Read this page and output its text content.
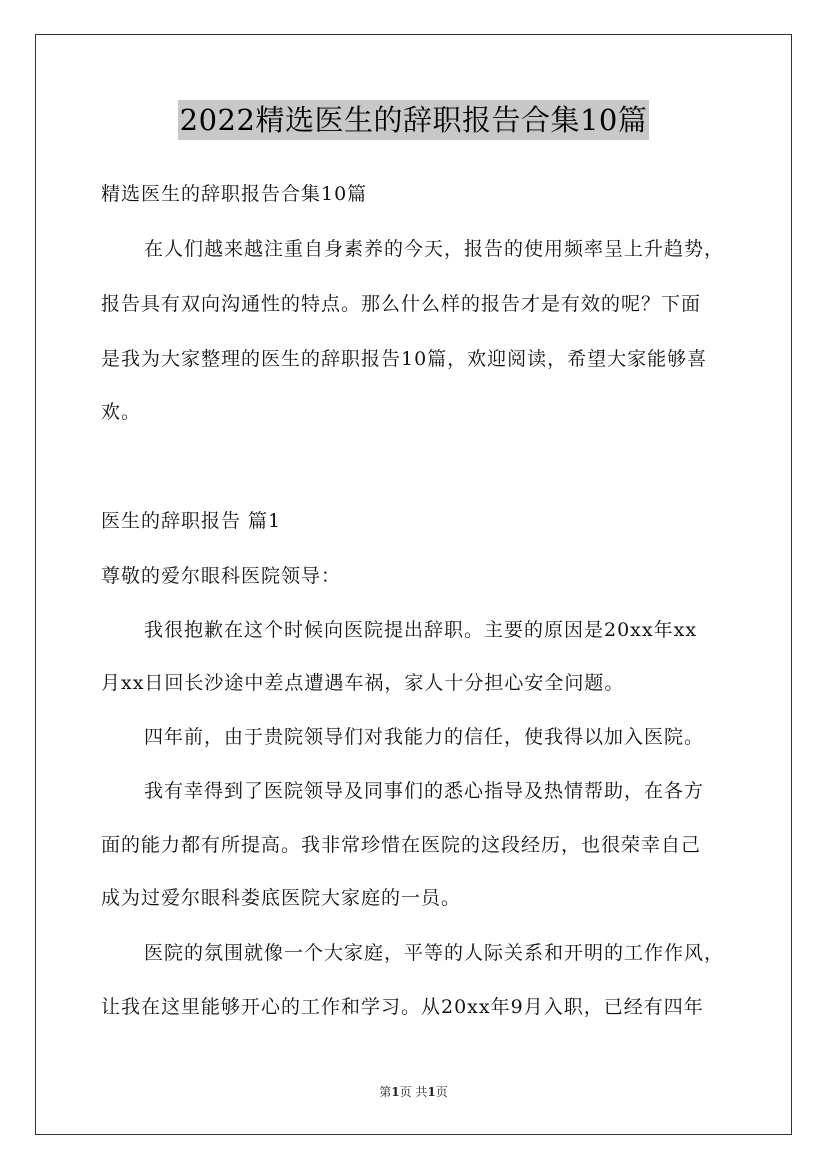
2022精选医生的辞职报告合集10篇
精选医生的辞职报告合集10篇
在人们越来越注重自身素养的今天，报告的使用频率呈上升趋势，
报告具有双向沟通性的特点。那么什么样的报告才是有效的呢？下面
是我为大家整理的医生的辞职报告10篇，欢迎阅读，希望大家能够喜
欢。
医生的辞职报告 篇1
尊敬的爱尔眼科医院领导：
我很抱歉在这个时候向医院提出辞职。主要的原因是20xx年xx
月xx日回长沙途中差点遭遇车祸，家人十分担心安全问题。
四年前，由于贵院领导们对我能力的信任，使我得以加入医院。
我有幸得到了医院领导及同事们的悉心指导及热情帮助，在各方
面的能力都有所提高。我非常珍惜在医院的这段经历，也很荣幸自己
成为过爱尔眼科娄底医院大家庭的一员。
医院的氛围就像一个大家庭，平等的人际关系和开明的工作作风，
让我在这里能够开心的工作和学习。从20xx年9月入职，已经有四年
第1页 共1页
